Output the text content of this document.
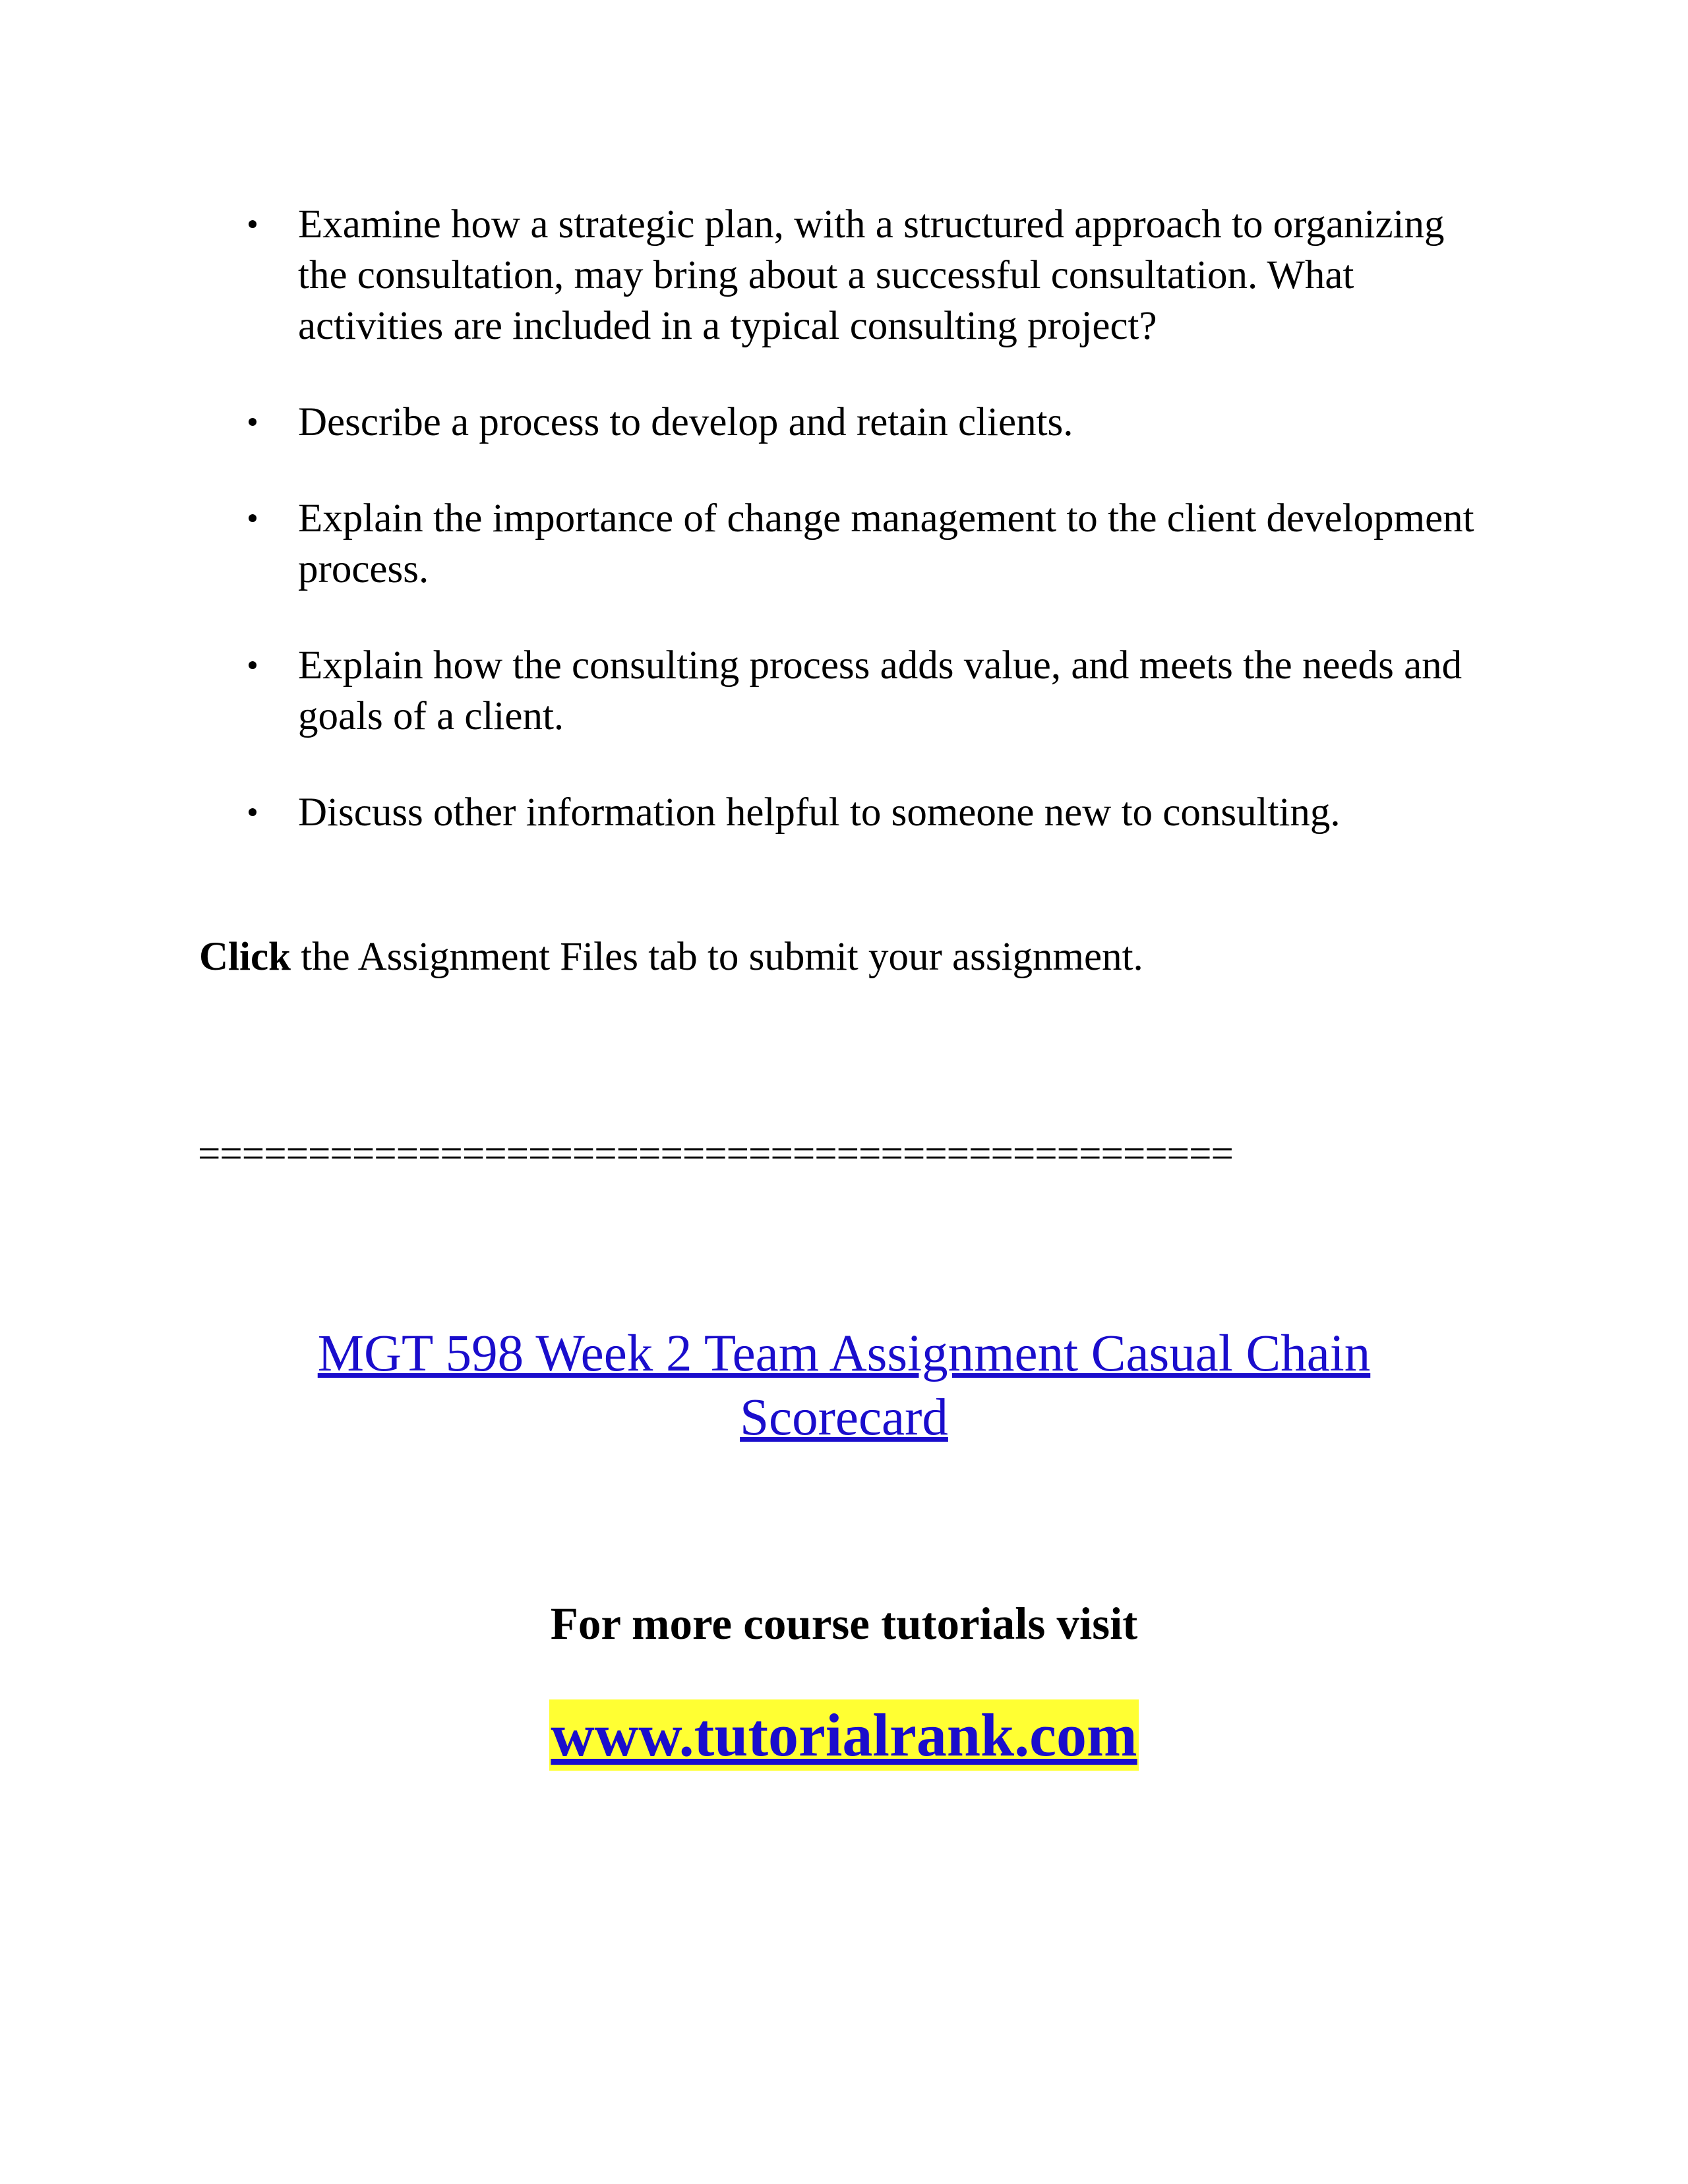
Examine how a strategic plan, with a structured approach to organizing the consultation, may bring about a successful consultation. What activities are included in a typical consulting project?
Describe a process to develop and retain clients.
Explain the importance of change management to the client development process.
Explain how the consulting process adds value, and meets the needs and goals of a client.
Discuss other information helpful to someone new to consulting.

Click the Assignment Files tab to submit your assignment.

===============================================

MGT 598 Week 2 Team Assignment Casual Chain Scorecard

For more course tutorials visit

www.tutorialrank.com
